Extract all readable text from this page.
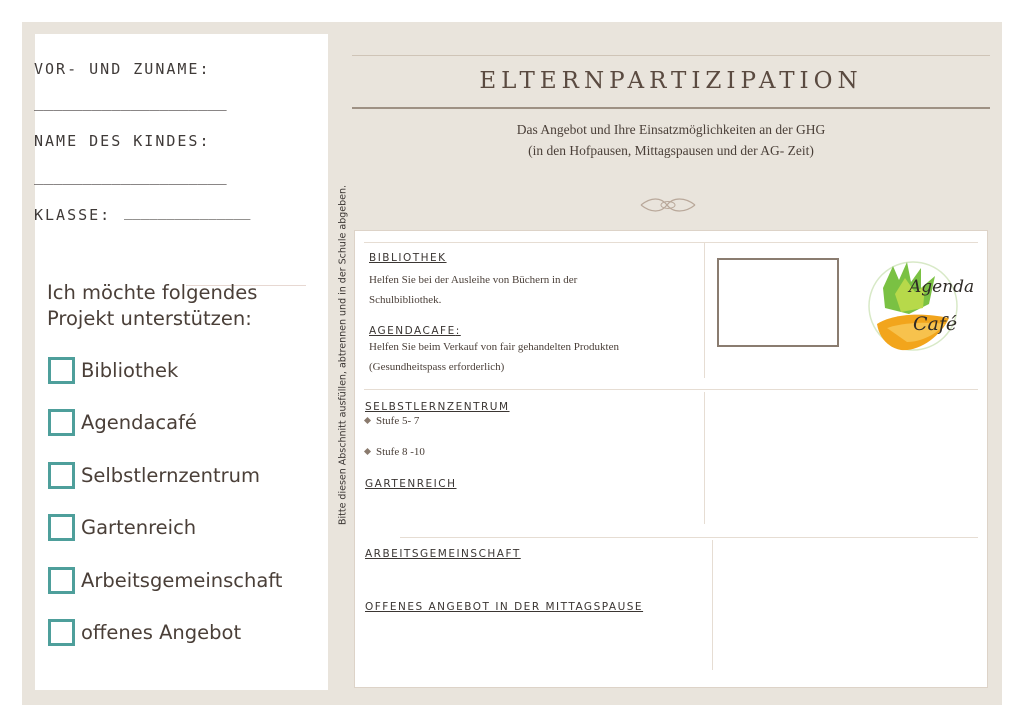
VOR- UND ZUNAME:
____________________
NAME DES KINDES:
____________________
KLASSE: _______________
Ich möchte folgendes
Projekt unterstützen:
Bibliothek
Agendacafé
Selbstlernzentrum
Gartenreich
Arbeitsgemeinschaft
offenes Angebot
Bitte diesen Abschnitt ausfüllen, abtrennen und in der Schule abgeben.
ELTERNPARTIZIPATION
Das Angebot und Ihre Einsatzmöglichkeiten an der GHG
(in den Hofpausen, Mittagspausen und der AG- Zeit)
BIBLIOTHEK
Helfen Sie bei der Ausleihe von Büchern in der
Schulbibliothek.
AGENDACAFE:
Helfen Sie beim Verkauf von fair gehandelten Produkten
(Gesundheitspass erforderlich)
Agenda
Café
SELBSTLERNZENTRUM
Stufe 5- 7
Stufe 8 -10
GARTENREICH
ARBEITSGEMEINSCHAFT
OFFENES ANGEBOT IN DER MITTAGSPAUSE
